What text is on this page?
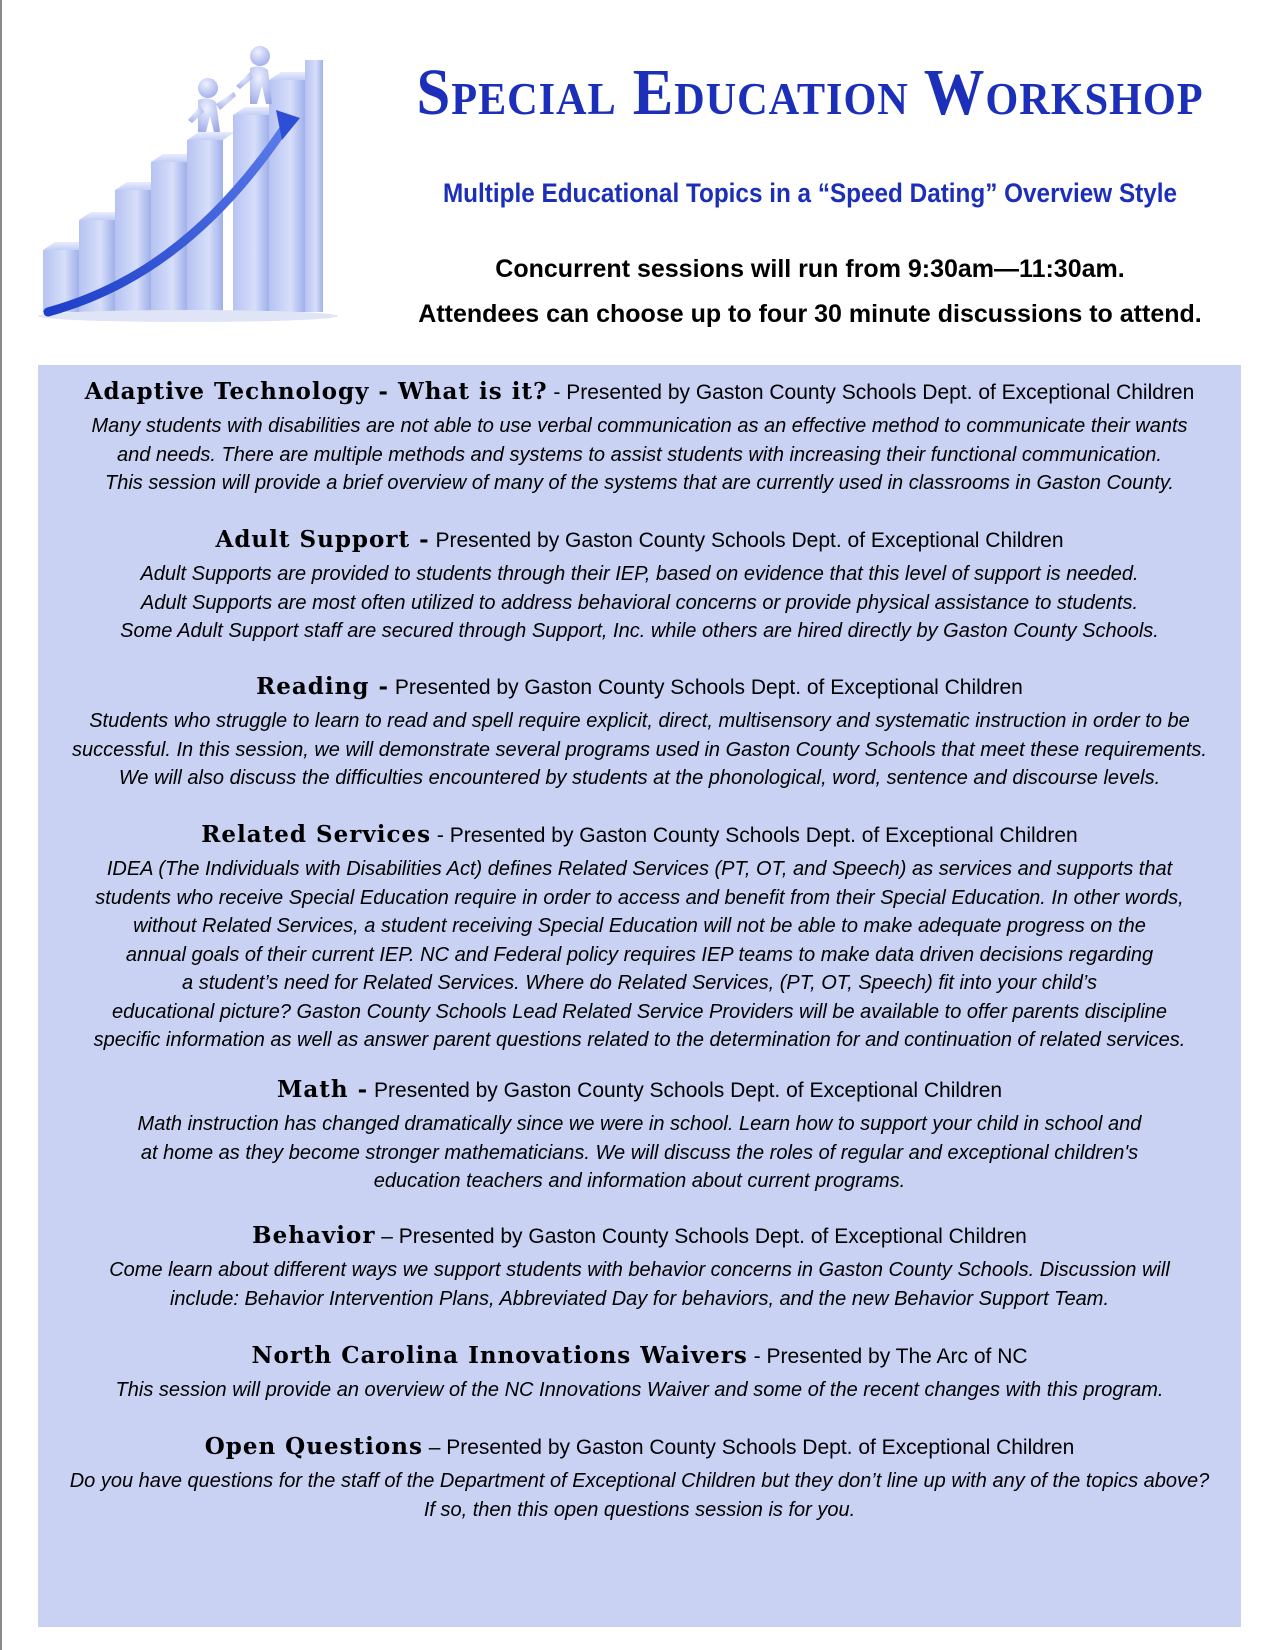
Special Education Workshop

Multiple Educational Topics in a “Speed Dating” Overview Style

Concurrent sessions will run from 9:30am—11:30am.

Attendees can choose up to four 30 minute discussions to attend.

Adaptive Technology - What is it? - Presented by Gaston County Schools Dept. of Exceptional Children
Many students with disabilities are not able to use verbal communication as an effective method to communicate their wants
and needs. There are multiple methods and systems to assist students with increasing their functional communication.
This session will provide a brief overview of many of the systems that are currently used in classrooms in Gaston County.
Adult Support - Presented by Gaston County Schools Dept. of Exceptional Children
Adult Supports are provided to students through their IEP, based on evidence that this level of support is needed.
Adult Supports are most often utilized to address behavioral concerns or provide physical assistance to students.
Some Adult Support staff are secured through Support, Inc. while others are hired directly by Gaston County Schools.
Reading - Presented by Gaston County Schools Dept. of Exceptional Children
Students who struggle to learn to read and spell require explicit, direct, multisensory and systematic instruction in order to be
successful. In this session, we will demonstrate several programs used in Gaston County Schools that meet these requirements.
We will also discuss the difficulties encountered by students at the phonological, word, sentence and discourse levels.
Related Services - Presented by Gaston County Schools Dept. of Exceptional Children
IDEA (The Individuals with Disabilities Act) defines Related Services (PT, OT, and Speech) as services and supports that
students who receive Special Education require in order to access and benefit from their Special Education. In other words,
without Related Services, a student receiving Special Education will not be able to make adequate progress on the
annual goals of their current IEP. NC and Federal policy requires IEP teams to make data driven decisions regarding
a student’s need for Related Services. Where do Related Services, (PT, OT, Speech) fit into your child’s
educational picture? Gaston County Schools Lead Related Service Providers will be available to offer parents discipline
specific information as well as answer parent questions related to the determination for and continuation of related services.
Math - Presented by Gaston County Schools Dept. of Exceptional Children
Math instruction has changed dramatically since we were in school. Learn how to support your child in school and
at home as they become stronger mathematicians. We will discuss the roles of regular and exceptional children's
education teachers and information about current programs.
Behavior – Presented by Gaston County Schools Dept. of Exceptional Children
Come learn about different ways we support students with behavior concerns in Gaston County Schools. Discussion will
include: Behavior Intervention Plans, Abbreviated Day for behaviors, and the new Behavior Support Team.
North Carolina Innovations Waivers - Presented by The Arc of NC
This session will provide an overview of the NC Innovations Waiver and some of the recent changes with this program.
Open Questions – Presented by Gaston County Schools Dept. of Exceptional Children
Do you have questions for the staff of the Department of Exceptional Children but they don’t line up with any of the topics above?
If so, then this open questions session is for you.
